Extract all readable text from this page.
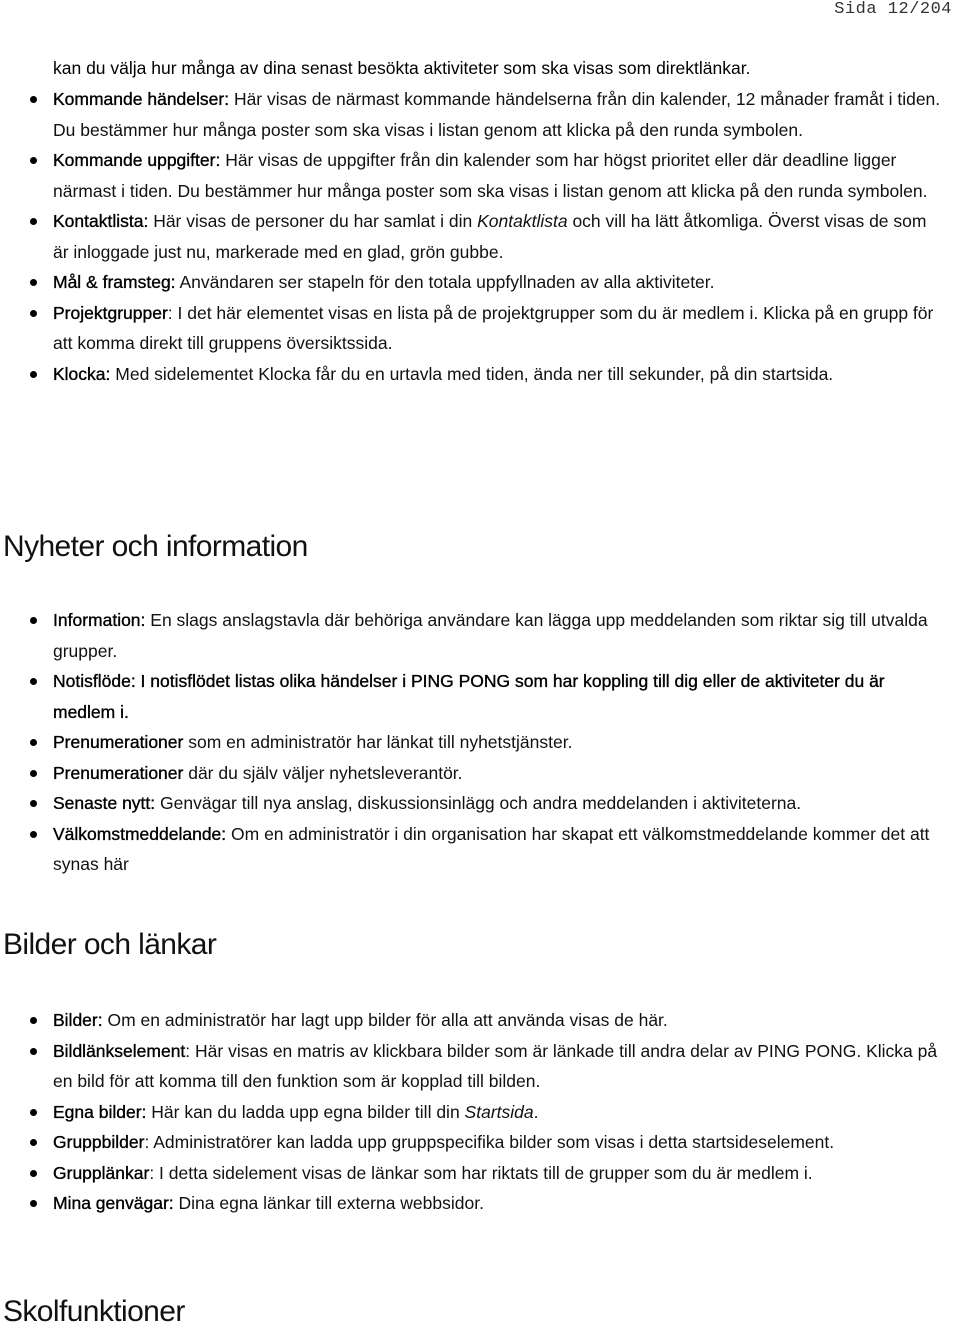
Sida 12/204
kan du välja hur många av dina senast besökta aktiviteter som ska visas som direktlänkar.
Kommande händelser: Här visas de närmast kommande händelserna från din kalender, 12 månader framåt i tiden. Du bestämmer hur många poster som ska visas i listan genom att klicka på den runda symbolen.
Kommande uppgifter: Här visas de uppgifter från din kalender som har högst prioritet eller där deadline ligger närmast i tiden. Du bestämmer hur många poster som ska visas i listan genom att klicka på den runda symbolen.
Kontaktlista: Här visas de personer du har samlat i din Kontaktlista och vill ha lätt åtkomliga. Överst visas de som är inloggade just nu, markerade med en glad, grön gubbe.
Mål & framsteg: Användaren ser stapeln för den totala uppfyllnaden av alla aktiviteter.
Projektgrupper: I det här elementet visas en lista på de projektgrupper som du är medlem i. Klicka på en grupp för att komma direkt till gruppens översiktssida.
Klocka: Med sidelementet Klocka får du en urtavla med tiden, ända ner till sekunder, på din startsida.
Nyheter och information
Information: En slags anslagstavla där behöriga användare kan lägga upp meddelanden som riktar sig till utvalda grupper.
Notisflöde: I notisflödet listas olika händelser i PING PONG som har koppling till dig eller de aktiviteter du är medlem i.
Prenumerationer som en administratör har länkat till nyhetstjänster.
Prenumerationer där du själv väljer nyhetsleverantör.
Senaste nytt: Genvägar till nya anslag, diskussionsinlägg och andra meddelanden i aktiviteterna.
Välkomstmeddelande: Om en administratör i din organisation har skapat ett välkomstmeddelande kommer det att synas här
Bilder och länkar
Bilder: Om en administratör har lagt upp bilder för alla att använda visas de här.
Bildlänkselement: Här visas en matris av klickbara bilder som är länkade till andra delar av PING PONG. Klicka på en bild för att komma till den funktion som är kopplad till bilden.
Egna bilder: Här kan du ladda upp egna bilder till din Startsida.
Gruppbilder: Administratörer kan ladda upp gruppspecifika bilder som visas i detta startsideselement.
Grupplänkar: I detta sidelement visas de länkar som har riktats till de grupper som du är medlem i.
Mina genvägar: Dina egna länkar till externa webbsidor.
Skolfunktioner
